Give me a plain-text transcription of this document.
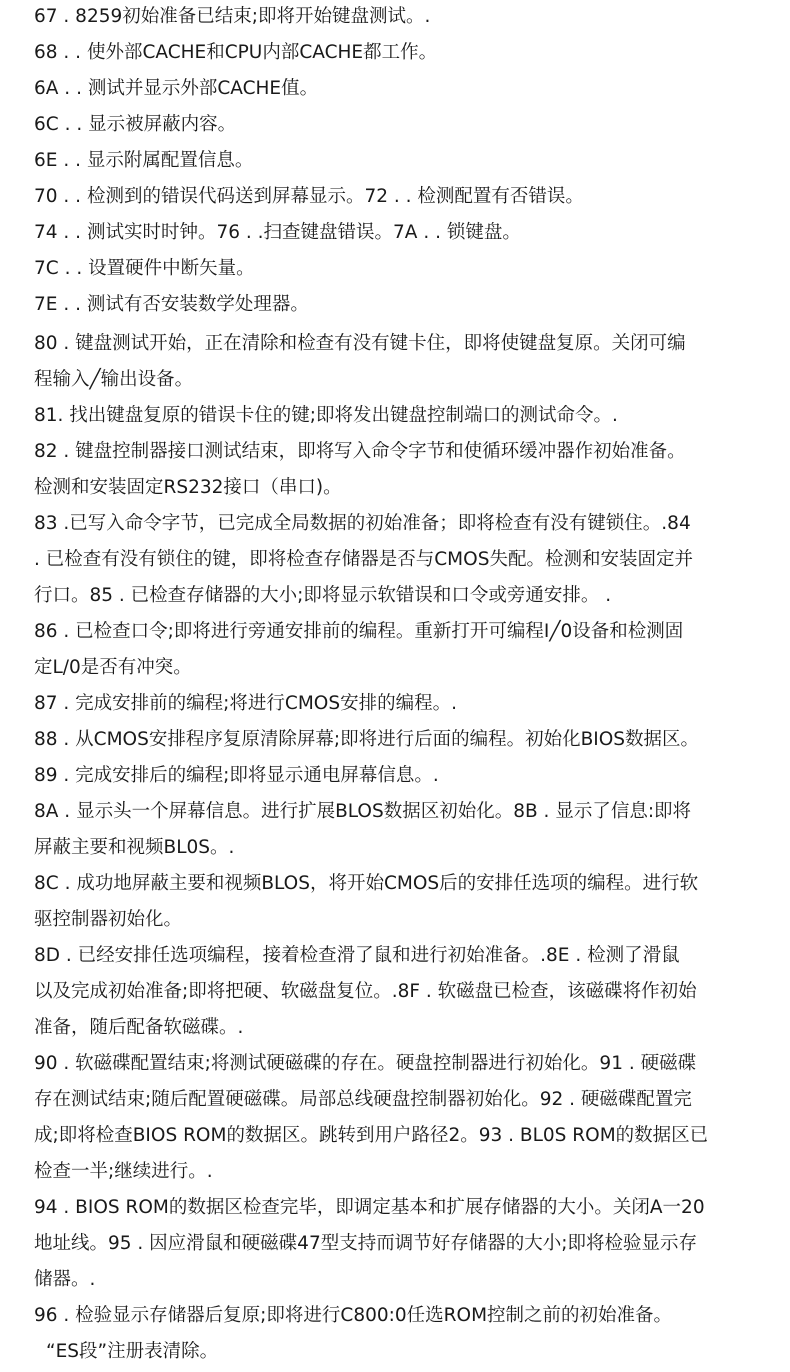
67 . 8259初始准备已结束;即将开始键盘测试。.
68 . . 使外部CACHE和CPU内部CACHE都工作。
6A . . 测试并显示外部CACHE值。
6C . . 显示被屏蔽内容。
6E . . 显示附属配置信息。
70 . . 检测到的错误代码送到屏幕显示。72 . . 检测配置有否错误。
74 . . 测试实时时钟。76 . .扫查键盘错误。7A . . 锁键盘。
7C . . 设置硬件中断矢量。
7E . . 测试有否安装数学处理器。
80 . 键盘测试开始，正在清除和检查有没有键卡住，即将使键盘复原。关闭可编
程输入╱输出设备。
81. 找出键盘复原的错误卡住的键;即将发出键盘控制端口的测试命令。.
82 . 键盘控制器接口测试结束，即将写入命令字节和使循环缓冲器作初始准备。
检测和安装固定RS232接口（串口)。
83 .已写入命令字节，已完成全局数据的初始准备；即将检查有没有键锁住。.84
. 已检查有没有锁住的键，即将检查存储器是否与CMOS失配。检测和安装固定并
行口。85 . 已检查存储器的大小;即将显示软错误和口令或旁通安排。 .
86 . 已检查口令;即将进行旁通安排前的编程。重新打开可编程I╱0设备和检测固
定L/0是否有冲突。
87 . 完成安排前的编程;将进行CMOS安排的编程。.
88 . 从CMOS安排程序复原清除屏幕;即将进行后面的编程。初始化BIOS数据区。
89 . 完成安排后的编程;即将显示通电屏幕信息。.
8A . 显示头一个屏幕信息。进行扩展BLOS数据区初始化。8B . 显示了信息:即将
屏蔽主要和视频BL0S。.
8C . 成功地屏蔽主要和视频BLOS，将开始CMOS后的安排任选项的编程。进行软
驱控制器初始化。
8D . 已经安排任选项编程，接着检查滑了鼠和进行初始准备。.8E . 检测了滑鼠
以及完成初始准备;即将把硬、软磁盘复位。.8F . 软磁盘已检查，该磁碟将作初始
准备，随后配备软磁碟。.
90 . 软磁碟配置结束;将测试硬磁碟的存在。硬盘控制器进行初始化。91 . 硬磁碟
存在测试结束;随后配置硬磁碟。局部总线硬盘控制器初始化。92 . 硬磁碟配置完
成;即将检查BIOS ROM的数据区。跳转到用户路径2。93 . BL0S ROM的数据区已
检查一半;继续进行。.
94 . BIOS ROM的数据区检查完毕，即调定基本和扩展存储器的大小。关闭A一20
地址线。95 . 因应滑鼠和硬磁碟47型支持而调节好存储器的大小;即将检验显示存
储器。.
96 . 检验显示存储器后复原;即将进行C800:0任选ROM控制之前的初始准备。
“ES段”注册表清除。
